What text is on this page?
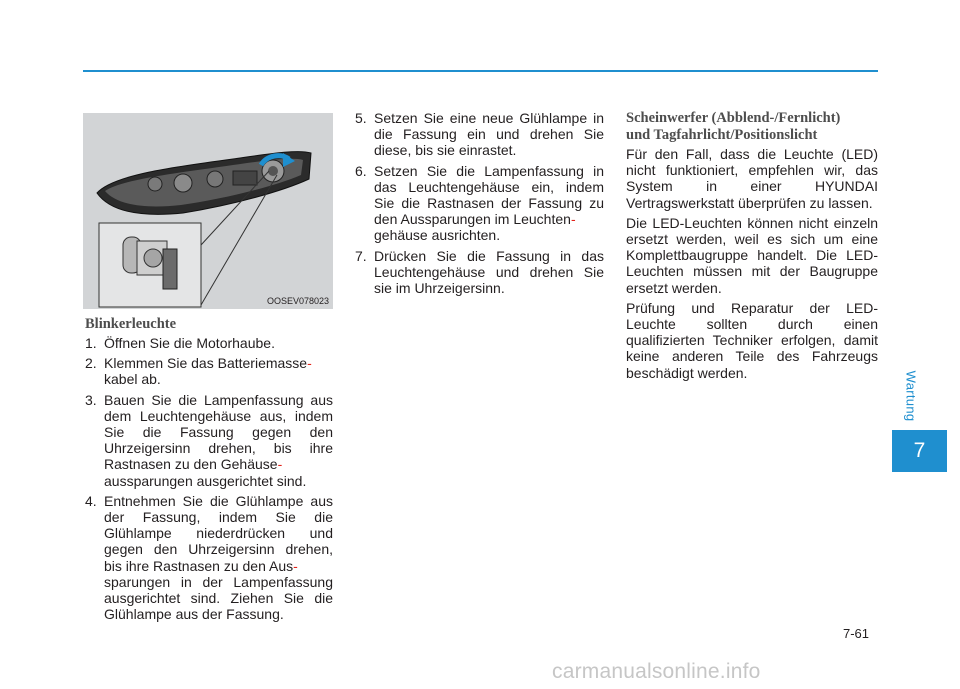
Wartung
7
OOSEV078023
Blinkerleuchte
1. Öffnen Sie die Motorhaube.
2. Klemmen Sie das Batteriemasse-
kabel ab.
3. Bauen Sie die Lampenfassung aus dem Leuchtengehäuse aus, indem Sie die Fassung gegen den Uhrzeigersinn drehen, bis ihre Rastnasen zu den Gehäuse-
aussparungen ausgerichtet sind.
4. Entnehmen Sie die Glühlampe aus der Fassung, indem Sie die Glühlampe niederdrücken und gegen den Uhrzeigersinn drehen, bis ihre Rastnasen zu den Aus-
sparungen in der Lampenfassung ausgerichtet sind. Ziehen Sie die Glühlampe aus der Fassung.
5. Setzen Sie eine neue Glühlampe in die Fassung ein und drehen Sie diese, bis sie einrastet.
6. Setzen Sie die Lampenfassung in das Leuchtengehäuse ein, indem Sie die Rastnasen der Fassung zu den Aussparungen im Leuchten-
gehäuse ausrichten.
7. Drücken Sie die Fassung in das Leuchtengehäuse und drehen Sie sie im Uhrzeigersinn.
Scheinwerfer (Abblend-/Fernlicht)
und Tagfahrlicht/Positionslicht

Für den Fall, dass die Leuchte (LED) nicht funktioniert, empfehlen wir, das System in einer HYUNDAI Vertragswerkstatt überprüfen zu lassen.

Die LED-Leuchten können nicht einzeln ersetzt werden, weil es sich um eine Komplettbaugruppe handelt. Die LED-Leuchten müssen mit der Baugruppe ersetzt werden.

Prüfung und Reparatur der LED-Leuchte sollten durch einen qualifizierten Techniker erfolgen, damit keine anderen Teile des Fahrzeugs beschädigt werden.

7-61
carmanualsonline.info
